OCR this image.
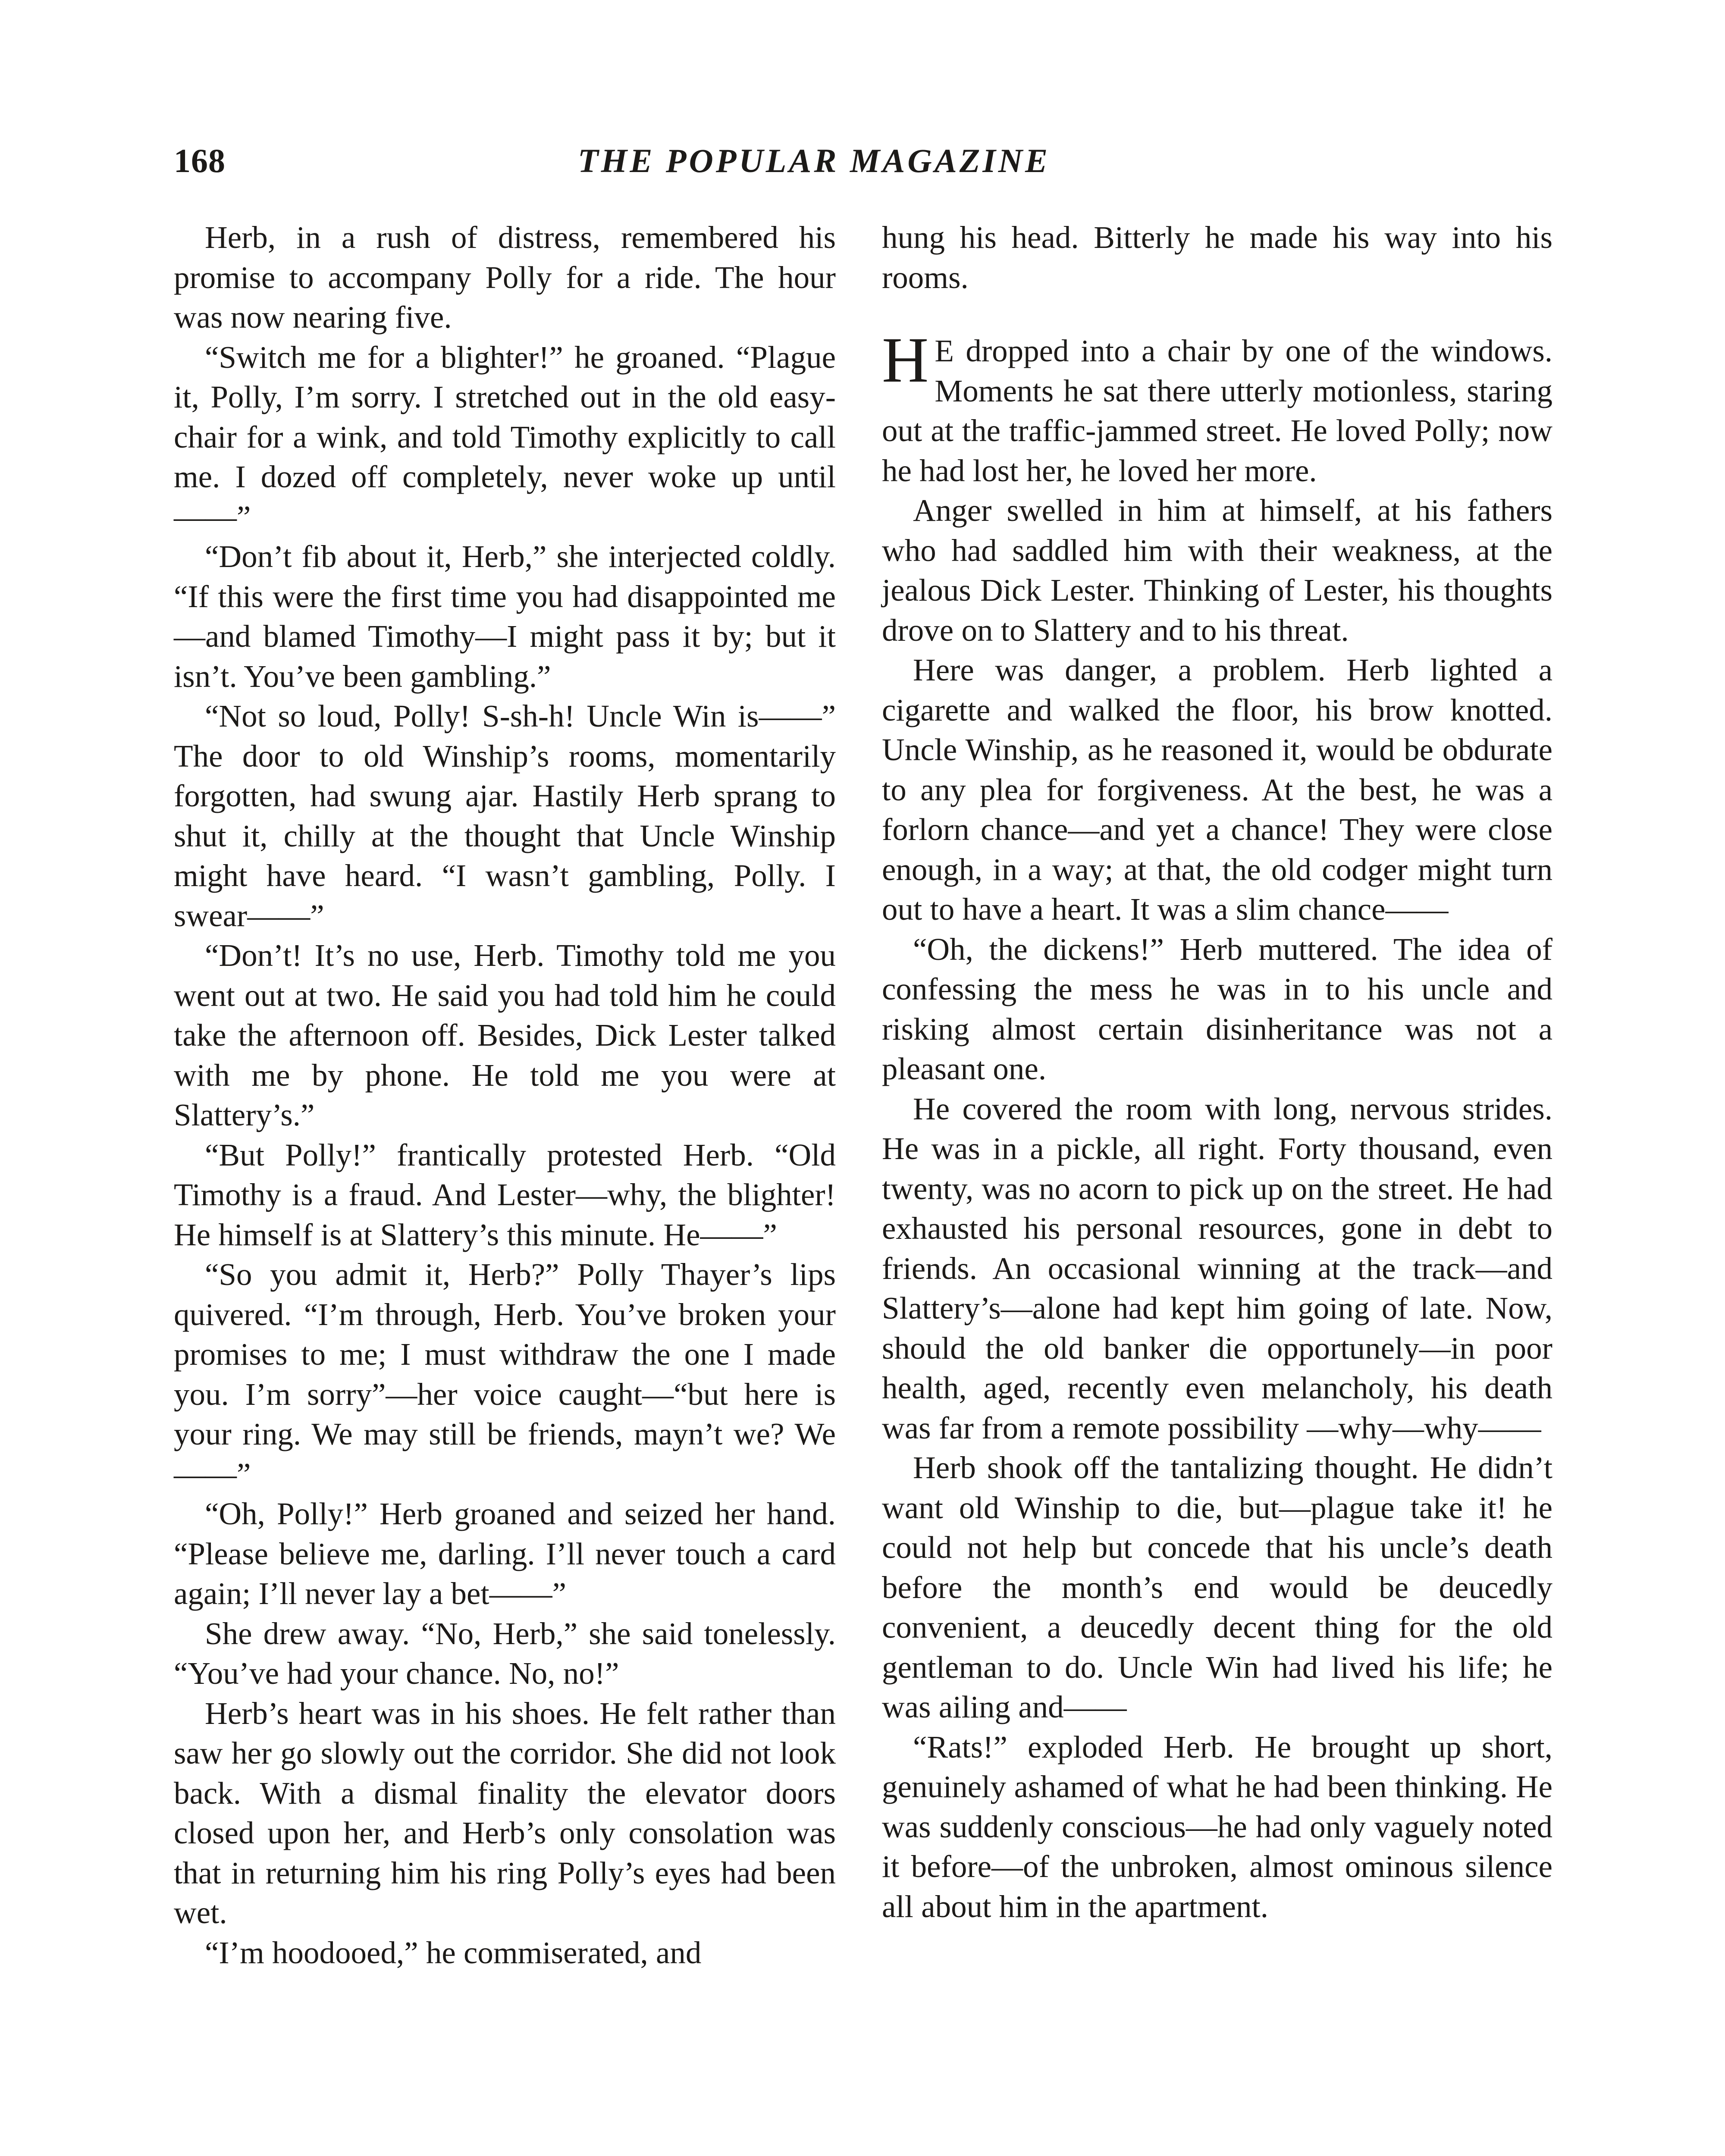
168	THE POPULAR MAGAZINE

Herb, in a rush of distress, remembered his promise to accompany Polly for a ride. The hour was now nearing five.

“Switch me for a blighter!” he groaned. “Plague it, Polly, I’m sorry. I stretched out in the old easy-chair for a wink, and told Timothy explicitly to call me. I dozed off completely, never woke up until——”

“Don’t fib about it, Herb,” she interjected coldly. “If this were the first time you had disappointed me—and blamed Timothy—I might pass it by; but it isn’t. You’ve been gambling.”

“Not so loud, Polly! S-sh-h! Uncle Win is——” The door to old Winship’s rooms, momentarily forgotten, had swung ajar. Hastily Herb sprang to shut it, chilly at the thought that Uncle Winship might have heard. “I wasn’t gambling, Polly. I swear——”

“Don’t! It’s no use, Herb. Timothy told me you went out at two. He said you had told him he could take the afternoon off. Besides, Dick Lester talked with me by phone. He told me you were at Slattery’s.”

“But Polly!” frantically protested Herb. “Old Timothy is a fraud. And Lester—why, the blighter! He himself is at Slattery’s this minute. He——”

“So you admit it, Herb?” Polly Thayer’s lips quivered. “I’m through, Herb. You’ve broken your promises to me; I must withdraw the one I made you. I’m sorry”—her voice caught—“but here is your ring. We may still be friends, mayn’t we? We——”

“Oh, Polly!” Herb groaned and seized her hand. “Please believe me, darling. I’ll never touch a card again; I’ll never lay a bet——”

She drew away. “No, Herb,” she said tonelessly. “You’ve had your chance. No, no!”

Herb’s heart was in his shoes. He felt rather than saw her go slowly out the corridor. She did not look back. With a dismal finality the elevator doors closed upon her, and Herb’s only consolation was that in returning him his ring Polly’s eyes had been wet.

“I’m hoodooed,” he commiserated, and

hung his head. Bitterly he made his way into his rooms.

H E dropped into a chair by one of the windows. Moments he sat there utterly motionless, staring out at the traffic-jammed street. He loved Polly; now he had lost her, he loved her more.

Anger swelled in him at himself, at his fathers who had saddled him with their weakness, at the jealous Dick Lester. Thinking of Lester, his thoughts drove on to Slattery and to his threat.

Here was danger, a problem. Herb lighted a cigarette and walked the floor, his brow knotted. Uncle Winship, as he reasoned it, would be obdurate to any plea for forgiveness. At the best, he was a forlorn chance—and yet a chance! They were close enough, in a way; at that, the old codger might turn out to have a heart. It was a slim chance——

“Oh, the dickens!” Herb muttered. The idea of confessing the mess he was in to his uncle and risking almost certain disinheritance was not a pleasant one.

He covered the room with long, nervous strides. He was in a pickle, all right. Forty thousand, even twenty, was no acorn to pick up on the street. He had exhausted his personal resources, gone in debt to friends. An occasional winning at the track—and Slattery’s—alone had kept him going of late. Now, should the old banker die opportunely—in poor health, aged, recently even melancholy, his death was far from a remote possibility —why—why——

Herb shook off the tantalizing thought. He didn’t want old Winship to die, but—plague take it! he could not help but concede that his uncle’s death before the month’s end would be deucedly convenient, a deucedly decent thing for the old gentleman to do. Uncle Win had lived his life; he was ailing and——

“Rats!” exploded Herb. He brought up short, genuinely ashamed of what he had been thinking. He was suddenly conscious—he had only vaguely noted it before—of the unbroken, almost ominous silence all about him in the apartment.
